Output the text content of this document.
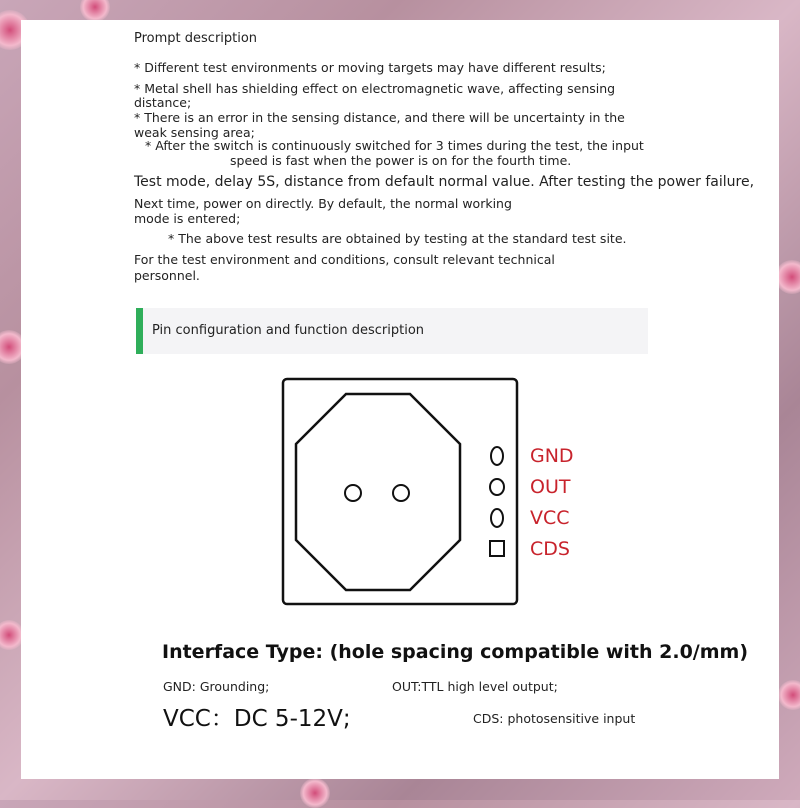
Prompt description
* Different test environments or moving targets may have different results;
* Metal shell has shielding effect on electromagnetic wave, affecting sensing
distance;
* There is an error in the sensing distance, and there will be uncertainty in the
weak sensing area;
* After the switch is continuously switched for 3 times during the test, the input
speed is fast when the power is on for the fourth time.
Test mode, delay 5S, distance from default normal value. After testing the power failure,
Next time, power on directly. By default, the normal working
mode is entered;
* The above test results are obtained by testing at the standard test site.
For the test environment and conditions, consult relevant technical
personnel.
Pin configuration and function description
GND
OUT
VCC
CDS
Interface Type: (hole spacing compatible with 2.0/mm)
GND: Grounding;	OUT:TTL high level output;
VCC：DC 5-12V;	CDS: photosensitive input
